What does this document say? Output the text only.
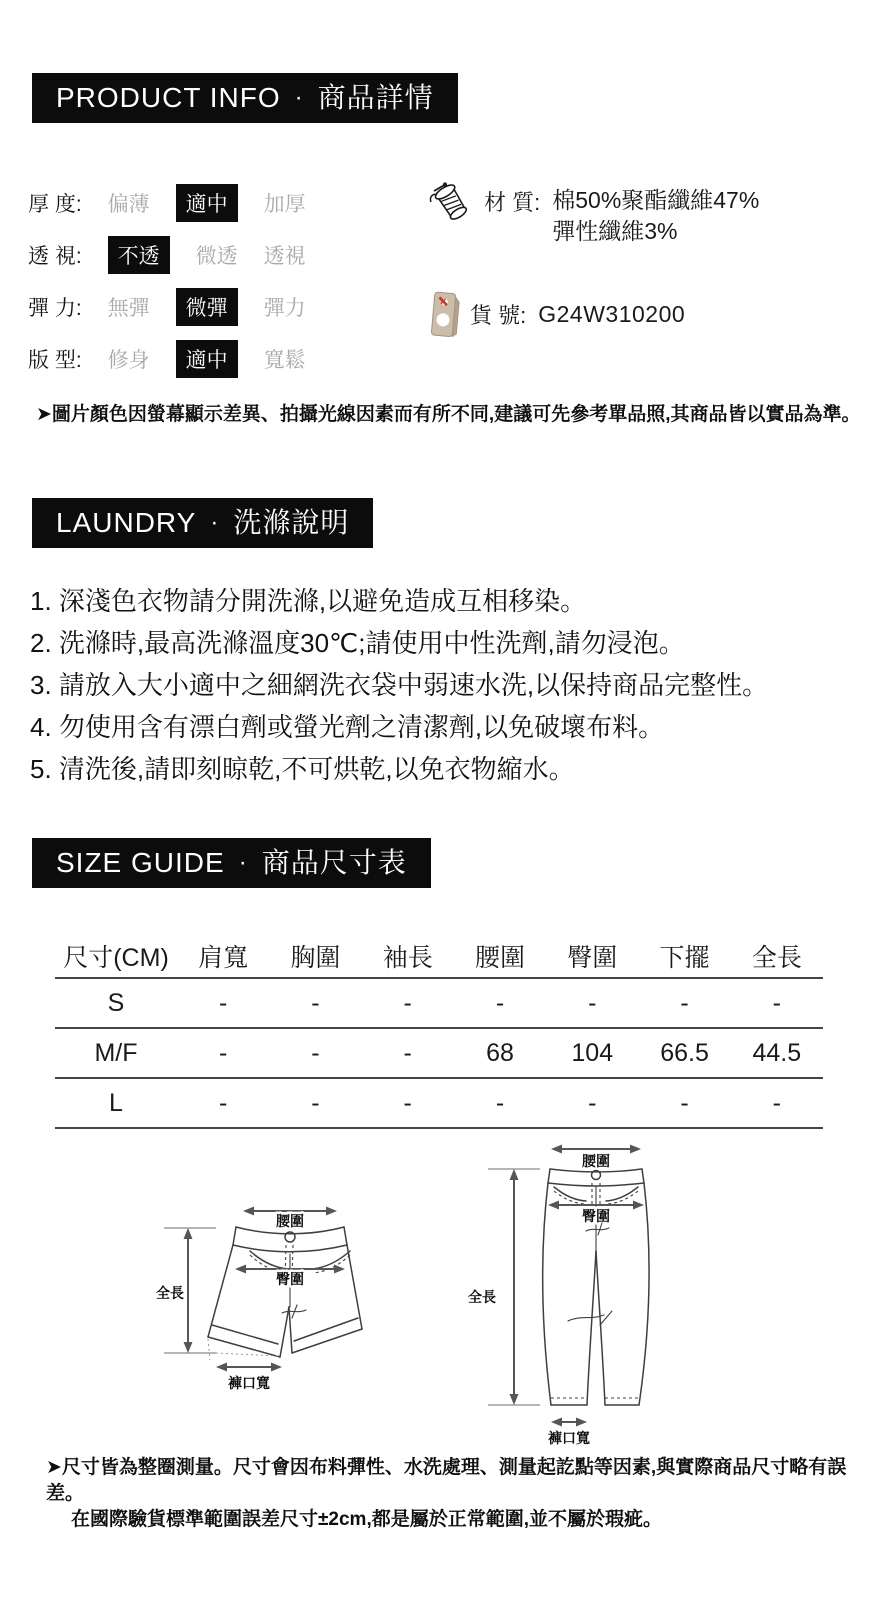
PRODUCT INFO · 商品詳情
厚 度: 偏薄	適中	加厚
透 視:	不透	微透 透視
彈 力: 無彈	微彈	彈力
版 型: 修身	適中	寬鬆
材 質: 棉50%聚酯纖維47%
彈性纖維3%
貨 號: G24W310200
➤圖片顏色因螢幕顯示差異、拍攝光線因素而有所不同,建議可先參考單品照,其商品皆以實品為準。
LAUNDRY · 洗滌說明
1. 深淺色衣物請分開洗滌,以避免造成互相移染。
2. 洗滌時,最高洗滌溫度30℃;請使用中性洗劑,請勿浸泡。
3. 請放入大小適中之細網洗衣袋中弱速水洗,以保持商品完整性。
4. 勿使用含有漂白劑或螢光劑之清潔劑,以免破壞布料。
5. 清洗後,請即刻晾乾,不可烘乾,以免衣物縮水。
SIZE GUIDE · 商品尺寸表
尺寸(CM)	肩寬	胸圍	袖長	腰圍	臀圍	下擺	全長
S	-	-	-	-	-	-	-
M/F	-	-	-	68	104	66.5	44.5
L	-	-	-	-	-	-	-
腰圍
臀圍
全長
褲口寬
腰圍
臀圍
全長
褲口寬
➤尺寸皆為整圈測量。尺寸會因布料彈性、水洗處理、測量起訖點等因素,與實際商品尺寸略有誤差。
在國際驗貨標準範圍誤差尺寸±2cm,都是屬於正常範圍,並不屬於瑕疵。
